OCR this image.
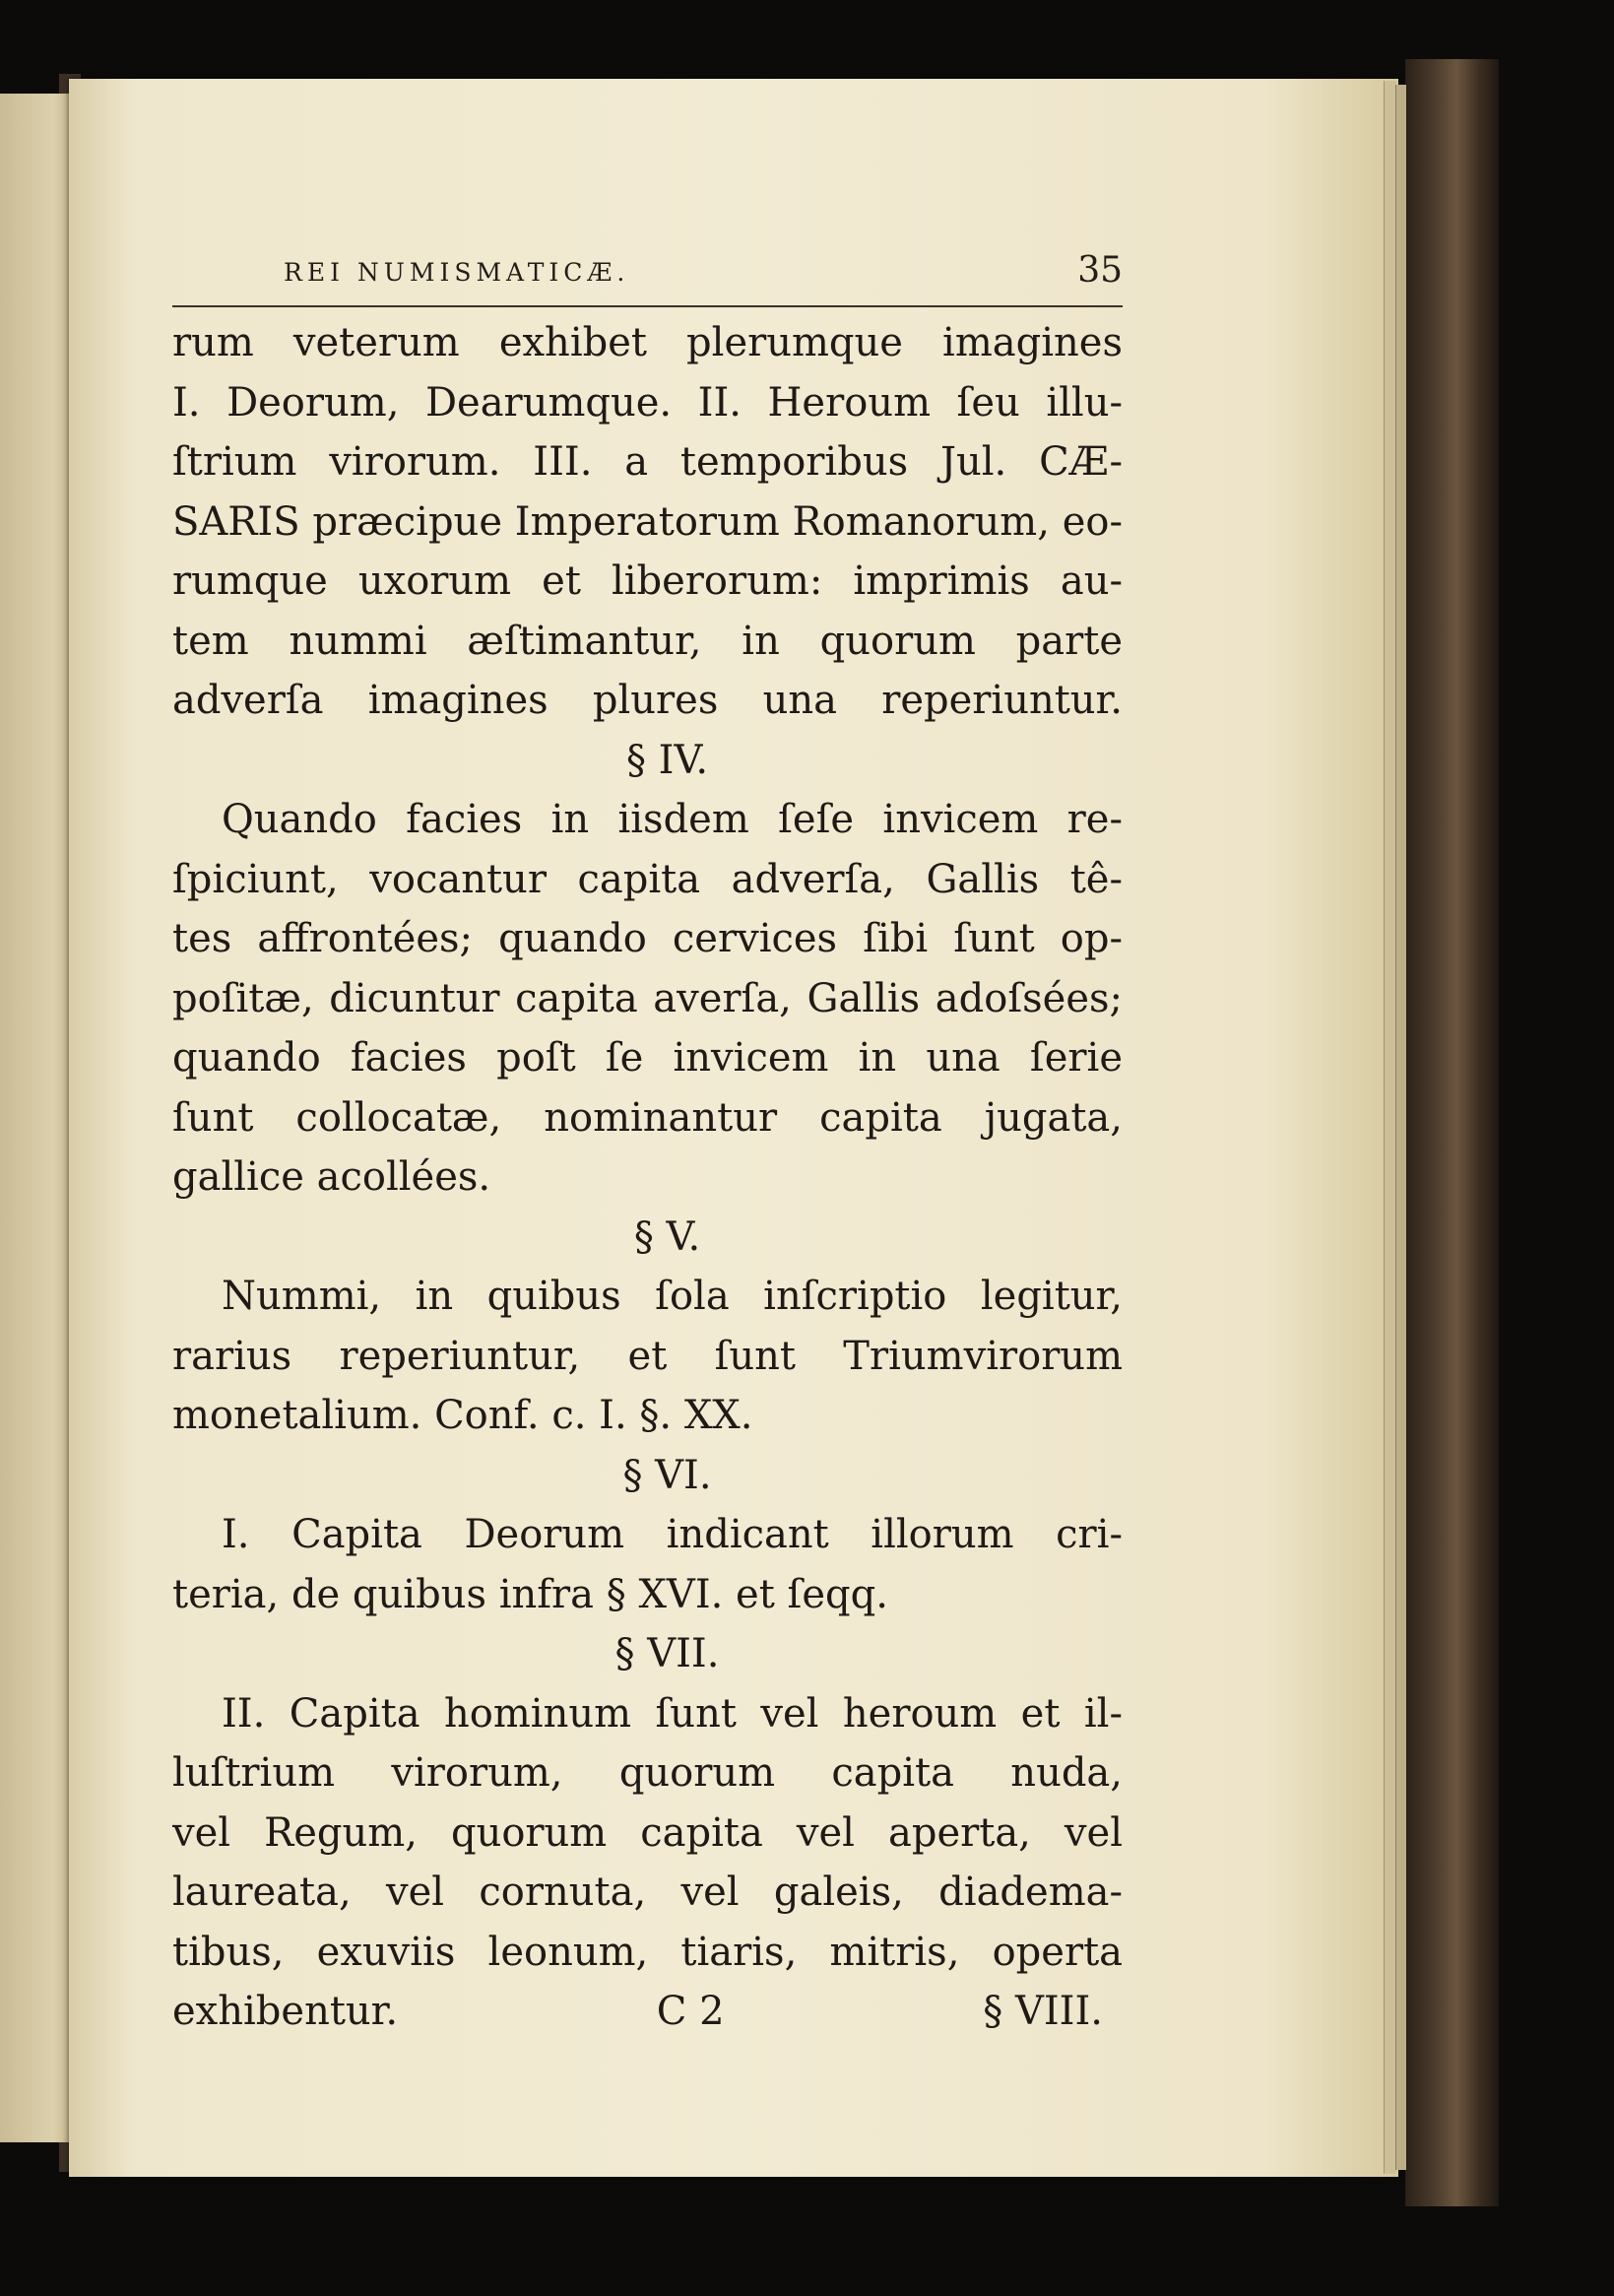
REI NUMISMATICÆ.	35
rum veterum exhibet plerumque imagines
I. Deorum, Dearumque. II. Heroum ſeu illu-
ſtrium virorum. III. a temporibus Jul. CÆ-
SARIS præcipue Imperatorum Romanorum, eo-
rumque uxorum et liberorum: imprimis au-
tem nummi æſtimantur, in quorum parte
adverſa imagines plures una reperiuntur.
§ IV.
Quando facies in iisdem ſeſe invicem re-
ſpiciunt, vocantur capita adverſa, Gallis tê-
tes affrontées; quando cervices ſibi ſunt op-
poſitæ, dicuntur capita averſa, Gallis adoſsées;
quando facies poſt ſe invicem in una ſerie
ſunt collocatæ, nominantur capita jugata,
gallice acollées.
§ V.
Nummi, in quibus ſola inſcriptio legitur,
rarius reperiuntur, et ſunt Triumvirorum
monetalium. Conf. c. I. §. XX.
§ VI.
I. Capita Deorum indicant illorum cri-
teria, de quibus infra § XVI. et ſeqq.
§ VII.
II. Capita hominum ſunt vel heroum et il-
luſtrium virorum, quorum capita nuda,
vel Regum, quorum capita vel aperta, vel
laureata, vel cornuta, vel galeis, diadema-
tibus, exuviis leonum, tiaris, mitris, operta
exhibentur.	C 2	§ VIII.
